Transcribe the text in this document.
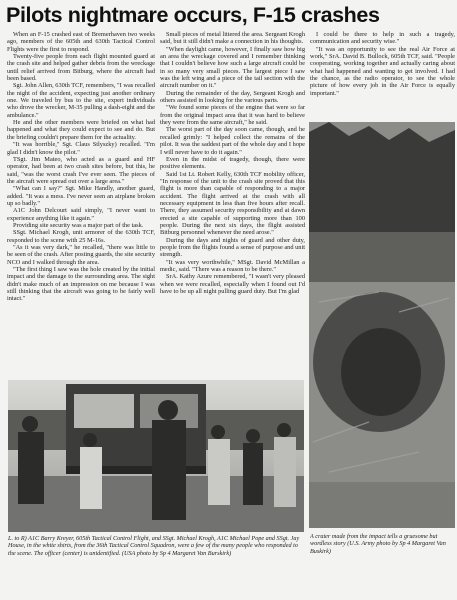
Pilots nightmare occurs, F-15 crashes

When an F-15 crashed east of Bremerhaven two weeks ago, members of the 605th and 630th Tactical Control Flights were the first to respond.

Twenty-five people from each flight mounted guard at the crash site and helped gather debris from the wreckage until relief arrived from Bitburg, where the aircraft had been based.

Sgt. John Allen, 630th TCF, remembers, "I was recalled the night of the accident, expecting just another ordinary one. We traveled by bus to the site, expert individuals who drove the wrecker, M-35 pulling a dash-eight and the ambulance."

He and the other members were briefed on what had happened and what they could expect to see and do. But the briefing couldn't prepare them for the actuality.

"It was horrible," Sgt. Claus Stlyszky) recalled. "I'm glad I didn't know the pilot."

TSgt. Jim Mateo, who acted as a guard and HF operator, had been at two crash sites before, but this, he said, "was the worst crash I've ever seen. The pieces of the aircraft were spread out over a large area."

"What can I say?" Sgt. Mike Handly, another guard, added. "It was a mess. I've never seen an airplane broken up so badly."

A1C John Delcourt said simply, "I never want to experience anything like it again."

Providing site security was a major part of the task.

SSgt. Michael Krogh, unit armorer of the 630th TCF, responded to the scene with 25 M-16s.

"As it was very dark," he recalled, "there was little to be seen of the crash. After posting guards, the site security NCO and I walked through the area.

"The first thing I saw was the hole created by the initial impact and the damage to the surrounding area. The sight didn't make much of an impression on me because I was still thinking that the aircraft was going to be fairly well intact."

Small pieces of metal littered the area. Sergeant Krogh said, but it still didn't make a connection in his thoughts.

"When daylight came, however, I finally saw how big an area the wreckage covered and I remember thinking that I couldn't believe how such a large aircraft could be in so many very small pieces. The largest piece I saw was the left wing and a piece of the tail section with the aircraft number on it."

During the remainder of the day, Sergeant Krogh and others assisted in looking for the various parts.

"We found some pieces of the engine that were so far from the original impact area that it was hard to believe they were from the same aircraft," he said.

The worst part of the day soon came, though, and he recalled grimly: "I helped collect the remains of the pilot. It was the saddest part of the whole day and I hope I will never have to do it again."

Even in the midst of tragedy, though, there were positive elements.

Said 1st Lt. Robert Kelly, 630th TCF mobility officer, "In response of the unit to the crash site proved that this flight is more than capable of responding to a major accident. The flight arrived at the crash with all necessary equipment in less than five hours after recall. There, they assumed security responsibility and at dawn erected a site capable of supporting more than 100 people. During the next six days, the flight assisted Bitburg personnel whenever the need arose."

During the days and nights of guard and other duty, people from the flights found a sense of purpose and unit strength.

"It was very worthwhile," MSgt. David McMillan a medic, said. "There was a reason to be there."

SrA. Kathy Azure remembered, "I wasn't very pleased when we were recalled, especially when I found out I'd have to be up all night pulling guard duty. But I'm glad

I could be there to help in such a tragedy, communication and security wise."

"It was an opportunity to see the real Air Force at work," SrA. David B. Bullock, 605th TCF, said. "People cooperating, working together and actually caring about what had happened and wanting to get involved. I had the chance, as the radio operator, to see the whole picture of how every job in the Air Force is equally important."

L. to R) A1C Barry Kreyer, 605th Tactical Control Flight, and SSgt. Michael Krogh, A1C Michael Pope and SSgt. Jay House, in the white shirts, from the 36th Tactical Control Squadron, were a few of the many people who responded to the scene. The officer (center) is unidentified. (USA photo by Sp 4 Margaret Van Burskirk)
A crater made from the impact tells a gruesome but wordless story (U.S. Army photo by Sp 4 Margaret Van Buskirk)
